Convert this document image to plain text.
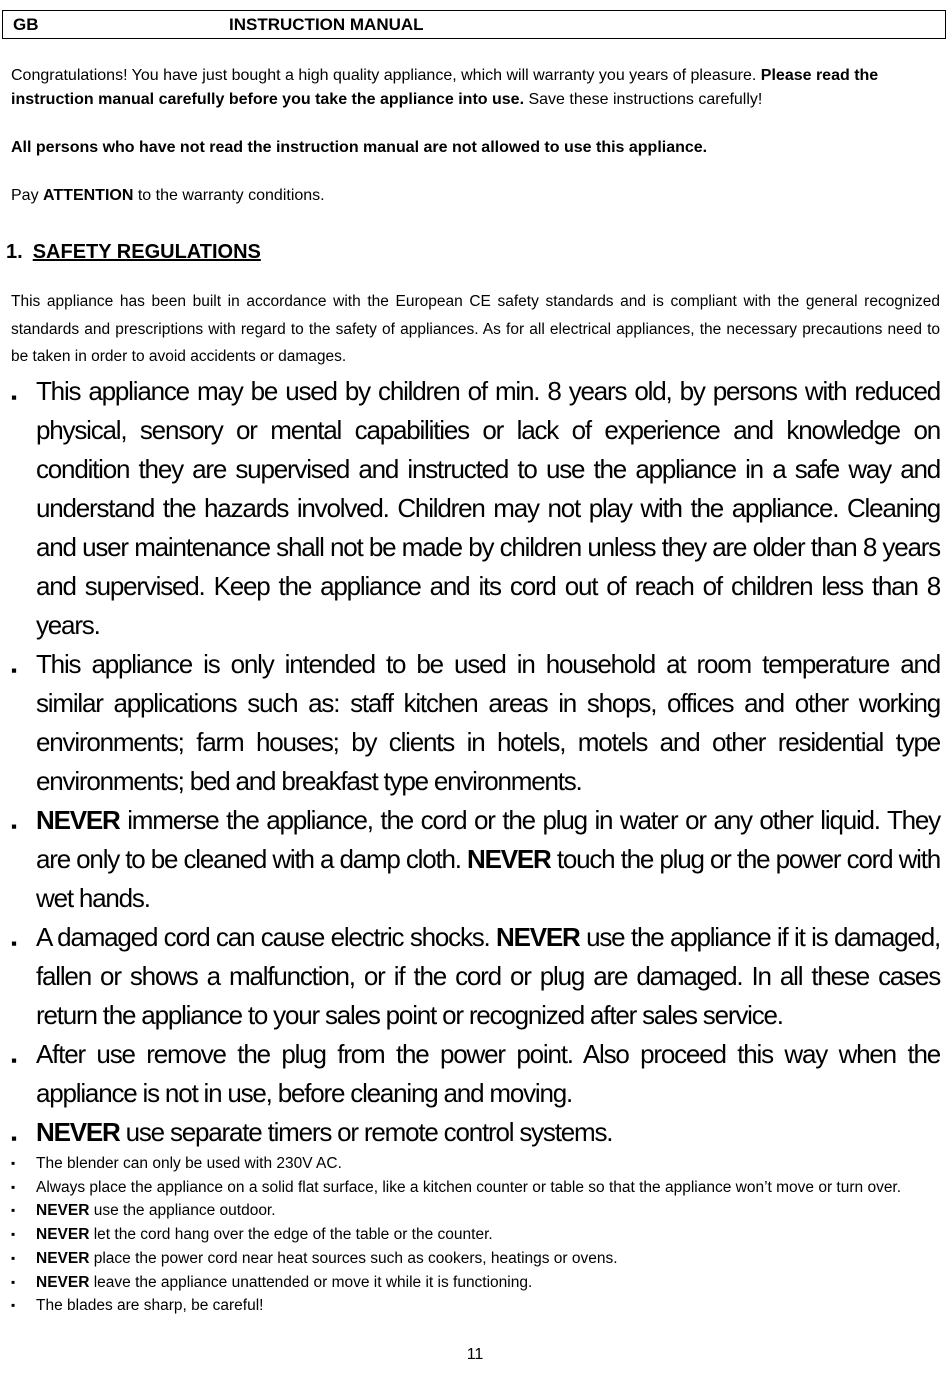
GB	INSTRUCTION MANUAL

Congratulations! You have just bought a high quality appliance, which will warranty you years of pleasure. Please read the instruction manual carefully before you take the appliance into use. Save these instructions carefully!

All persons who have not read the instruction manual are not allowed to use this appliance.

Pay ATTENTION to the warranty conditions.

1. SAFETY REGULATIONS

This appliance has been built in accordance with the European CE safety standards and is compliant with the general recognized standards and prescriptions with regard to the safety of appliances. As for all electrical appliances, the necessary precautions need to be taken in order to avoid accidents or damages.

▪ This appliance may be used by children of min. 8 years old, by persons with reduced physical, sensory or mental capabilities or lack of experience and knowledge on condition they are supervised and instructed to use the appliance in a safe way and understand the hazards involved. Children may not play with the appliance. Cleaning and user maintenance shall not be made by children unless they are older than 8 years and supervised. Keep the appliance and its cord out of reach of children less than 8 years.
▪ This appliance is only intended to be used in household at room temperature and similar applications such as: staff kitchen areas in shops, offices and other working environments; farm houses; by clients in hotels, motels and other residential type environments; bed and breakfast type environments.
▪ NEVER immerse the appliance, the cord or the plug in water or any other liquid. They are only to be cleaned with a damp cloth. NEVER touch the plug or the power cord with wet hands.
▪ A damaged cord can cause electric shocks. NEVER use the appliance if it is damaged, fallen or shows a malfunction, or if the cord or plug are damaged. In all these cases return the appliance to your sales point or recognized after sales service.
▪ After use remove the plug from the power point. Also proceed this way when the appliance is not in use, before cleaning and moving.
▪ NEVER use separate timers or remote control systems.
▪ The blender can only be used with 230V AC.
▪ Always place the appliance on a solid flat surface, like a kitchen counter or table so that the appliance won’t move or turn over.
▪ NEVER use the appliance outdoor.
▪ NEVER let the cord hang over the edge of the table or the counter.
▪ NEVER place the power cord near heat sources such as cookers, heatings or ovens.
▪ NEVER leave the appliance unattended or move it while it is functioning.
▪ The blades are sharp, be careful!
11
